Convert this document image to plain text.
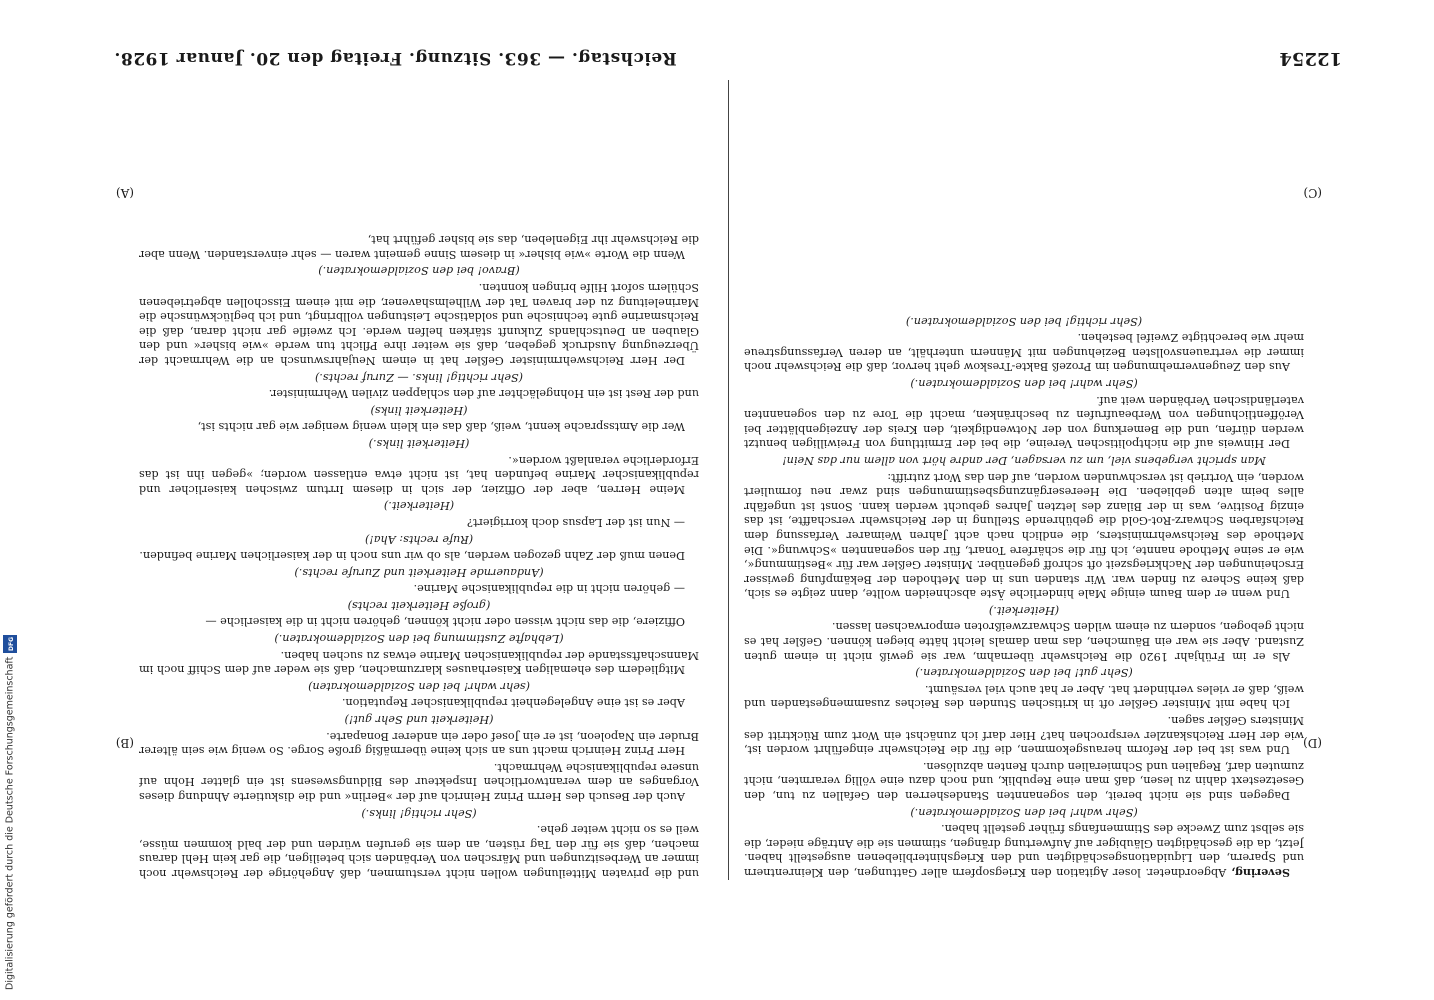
12254
Reichstag. — 363. Sitzung. Freitag den 20. Januar 1928.
(C)
(D)
(A)
(B)

Severing, Abgeordneter. loser Agitation den Kriegsopfern aller Gattungen, den Kleinrentnern und Sparern, den Liquidationsgeschädigten und den Kriegshinterbliebenen ausgestellt haben. Jetzt, da die geschädigten Gläubiger auf Aufwertung drängen, stimmen sie die Anträge nieder, die sie selbst zum Zwecke des Stimmenfangs früher gestellt haben.

(Sehr wahr! bei den Sozialdemokraten.)

Dagegen sind sie nicht bereit, den sogenannten Standesherren den Gefallen zu tun, den Gesetzestext dahin zu lesen, daß man eine Republik, und noch dazu eine völlig verarmten, nicht zumuten darf, Regalien und Schmieralien durch Renten abzulösen.

Und was ist bei der Reform herausgekommen, die für die Reichswehr eingeführt worden ist, wie der Herr Reichskanzler versprochen hat? Hier darf ich zunächst ein Wort zum Rücktritt des Ministers Geßler sagen.

Ich habe mit Minister Geßler oft in kritischen Stunden des Reiches zusammengestanden und weiß, daß er vieles verhindert hat. Aber er hat auch viel versäumt.

(Sehr gut! bei den Sozialdemokraten.)

Als er im Frühjahr 1920 die Reichswehr übernahm, war sie gewiß nicht in einem guten Zustand. Aber sie war ein Bäumchen, das man damals leicht hätte biegen können. Geßler hat es nicht gebogen, sondern zu einem wilden Schwarzweißroten emporwachsen lassen.

(Heiterkeit.)

Und wenn er dem Baum einige Male hinderliche Äste abschneiden wollte, dann zeigte es sich, daß keine Schere zu finden war. Wir standen uns in den Methoden der Bekämpfung gewisser Erscheinungen der Nachkriegszeit oft schroff gegenüber. Minister Geßler war für »Bestimmung«, wie er seine Methode nannte, ich für die schärfere Tonart, für den sogenannten »Schwung«. Die Methode des Reichswehrministers, die endlich nach acht Jahren Weimarer Verfassung dem Reichsfarben Schwarz-Rot-Gold die gebührende Stellung in der Reichswehr verschaffte, ist das einzig Positive, was in der Bilanz des letzten Jahres gebucht werden kann. Sonst ist ungefähr alles beim alten geblieben. Die Heeresergänzungsbestimmungen sind zwar neu formuliert worden, ein Vortrieb ist verschwunden worden, auf den das Wort zutrifft:

Man spricht vergebens viel, um zu versagen, Der andre hört von allem nur das Nein!

Der Hinweis auf die nichtpolitischen Vereine, die bei der Ermittlung von Freiwilligen benutzt werden dürfen, und die Bemerkung von der Notwendigkeit, den Kreis der Anzeigenblätter bei Veröffentlichungen von Werbeaufrufen zu beschränken, macht die Tore zu den sogenannten vaterländischen Verbänden weit auf.

(Sehr wahr! bei den Sozialdemokraten.)

Aus den Zeugenvernehmungen im Prozeß Bakte-Treskow geht hervor, daß die Reichswehr noch immer die vertrauensvollsten Beziehungen mit Männern unterhält, an deren Verfassungstreue mehr wie berechtigte Zweifel bestehen.

(Sehr richtig! bei den Sozialdemokraten.)

und die privaten Mitteilungen wollen nicht verstummen, daß Angehörige der Reichswehr noch immer an Werbesitzungen und Märschen von Verbänden sich beteiligen, die gar kein Hehl daraus machen, daß sie für den Tag rüsten, an dem sie gerufen würden und der bald kommen müsse, weil es so nicht weiter gehe.

(Sehr richtig! links.)

Auch der Besuch des Herrn Prinz Heinrich auf der »Berlin« und die diskutierte Ahndung dieses Vorganges an dem verantwortlichen Inspekteur des Bildungswesens ist ein glatter Hohn auf unsere republikanische Wehrmacht.

Herr Prinz Heinrich macht uns an sich keine übermäßig große Sorge. So wenig wie sein älterer Bruder ein Napoleon, ist er ein Josef oder ein anderer Bonaparte.

(Heiterkeit und Sehr gut!)

Aber es ist eine Angelegenheit republikanischer Reputation.

(sehr wahr! bei den Sozialdemokraten)

Mitgliedern des ehemaligen Kaiserhauses klarzumachen, daß sie weder auf dem Schiff noch im Mannschaftsstande der republikanischen Marine etwas zu suchen haben.

(Lebhafte Zustimmung bei den Sozialdemokraten.)

Offiziere, die das nicht wissen oder nicht können, gehören nicht in die kaiserliche —

(große Heiterkeit rechts)

— gehören nicht in die republikanische Marine.

(Andauernde Heiterkeit und Zurufe rechts.)

Denen muß der Zahn gezogen werden, als ob wir uns noch in der kaiserlichen Marine befinden.

(Rufe rechts: Aha!)

— Nun ist der Lapsus doch korrigiert?

(Heiterkeit.)

Meine Herren, aber der Offizier, der sich in diesem Irrtum zwischen kaiserlicher und republikanischer Marine befunden hat, ist nicht etwa entlassen worden; »gegen ihn ist das Erforderliche veranlaßt worden«.

(Heiterkeit links.)

Wer die Amtssprache kennt, weiß, daß das ein klein wenig weniger wie gar nichts ist,

(Heiterkeit links)

und der Rest ist ein Hohngelächter auf den schlappen zivilen Wehrminister.

(Sehr richtig! links. — Zuruf rechts.)

Der Herr Reichswehrminister Geßler hat in einem Neujahrswunsch an die Wehrmacht der Überzeugung Ausdruck gegeben, daß sie weiter ihre Pflicht tun werde »wie bisher« und den Glauben an Deutschlands Zukunft stärken helfen werde. Ich zweifle gar nicht daran, daß die Reichsmarine gute technische und soldatische Leistungen vollbringt, und ich beglückwünsche die Marineleitung zu der braven Tat der Wilhelmshavener, die mit einem Eisschollen abgetriebenen Schülern sofort Hilfe bringen konnten.

(Bravo! bei den Sozialdemokraten.)

Wenn die Worte »wie bisher« in diesem Sinne gemeint waren — sehr einverstanden. Wenn aber die Reichswehr ihr Eigenleben, das sie bisher geführt hat,

Digitalisierung gefördert durch die Deutsche Forschungsgemeinschaft
DFG
